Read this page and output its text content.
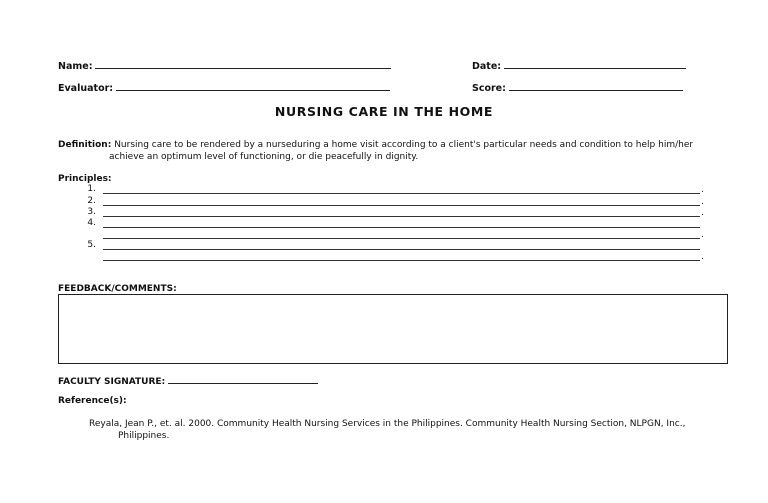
Name:	Date:
Evaluator:	Score:
NURSING CARE IN THE HOME
Definition: Nursing care to be rendered by a nurseduring a home visit according to a client's particular needs and condition to help him/her
achieve an optimum level of functioning, or die peacefully in dignity.
Principles:
1.	.
2.	.
3.	.
4.
.
5.
.
FEEDBACK/COMMENTS:
FACULTY SIGNATURE:
Reference(s):
Reyala, Jean P., et. al. 2000. Community Health Nursing Services in the Philippines. Community Health Nursing Section, NLPGN, Inc.,
Philippines.
